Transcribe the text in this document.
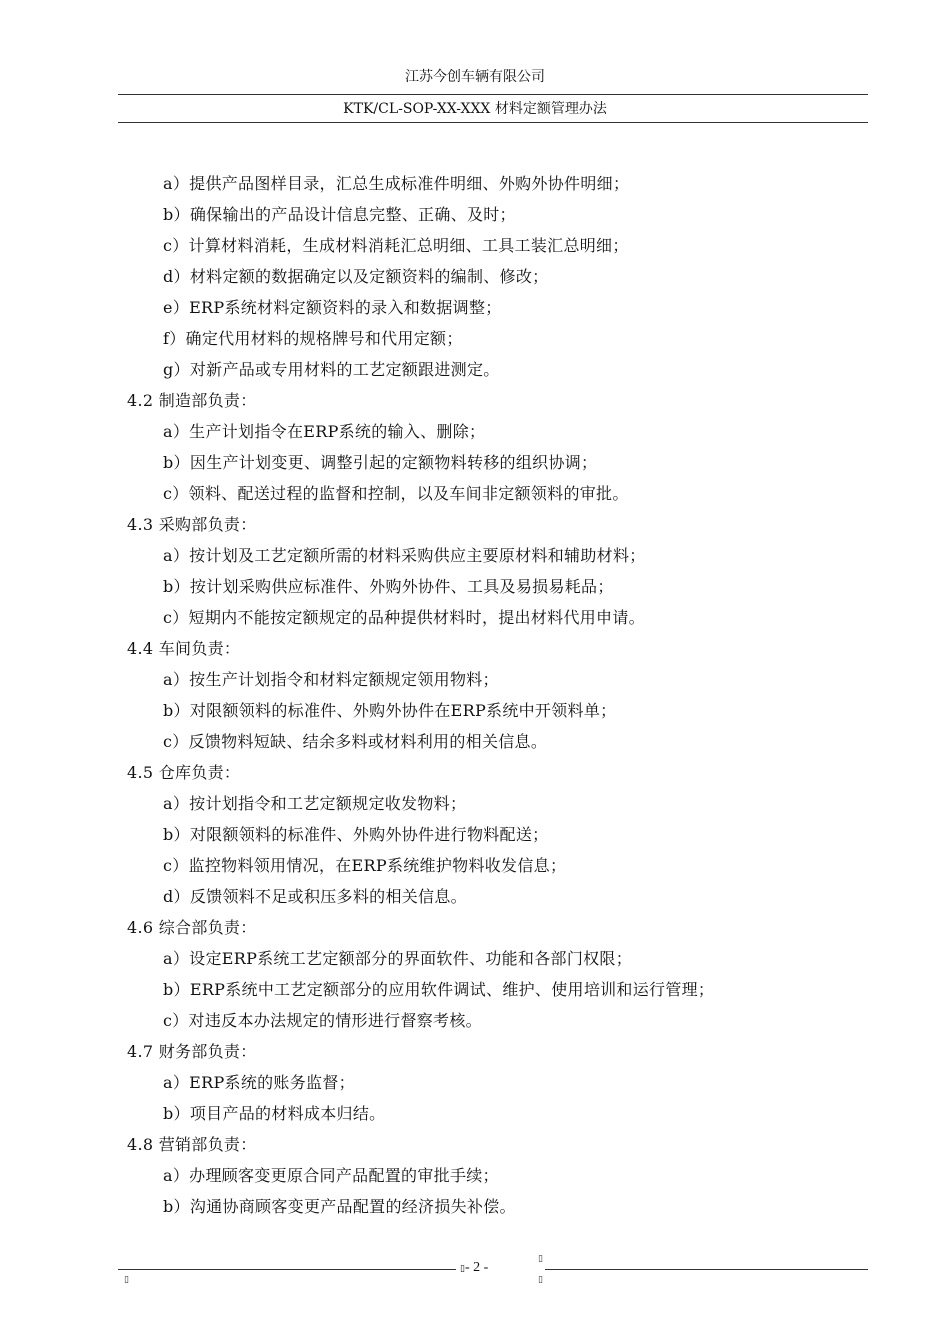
江苏今创车辆有限公司
KTK/CL-SOP-XX-XXX 材料定额管理办法
a）提供产品图样目录，汇总生成标准件明细、外购外协件明细；
b）确保输出的产品设计信息完整、正确、及时；
c）计算材料消耗，生成材料消耗汇总明细、工具工装汇总明细；
d）材料定额的数据确定以及定额资料的编制、修改；
e）ERP系统材料定额资料的录入和数据调整；
f）确定代用材料的规格牌号和代用定额；
g）对新产品或专用材料的工艺定额跟进测定。
4.2 制造部负责：
a）生产计划指令在ERP系统的输入、删除；
b）因生产计划变更、调整引起的定额物料转移的组织协调；
c）领料、配送过程的监督和控制，以及车间非定额领料的审批。
4.3 采购部负责：
a）按计划及工艺定额所需的材料采购供应主要原材料和辅助材料；
b）按计划采购供应标准件、外购外协件、工具及易损易耗品；
c）短期内不能按定额规定的品种提供材料时，提出材料代用申请。
4.4 车间负责：
a）按生产计划指令和材料定额规定领用物料；
b）对限额领料的标准件、外购外协件在ERP系统中开领料单；
c）反馈物料短缺、结余多料或材料利用的相关信息。
4.5 仓库负责：
a）按计划指令和工艺定额规定收发物料；
b）对限额领料的标准件、外购外协件进行物料配送；
c）监控物料领用情况，在ERP系统维护物料收发信息；
d）反馈领料不足或积压多料的相关信息。
4.6 综合部负责：
a）设定ERP系统工艺定额部分的界面软件、功能和各部门权限；
b）ERP系统中工艺定额部分的应用软件调试、维护、使用培训和运行管理；
c）对违反本办法规定的情形进行督察考核。
4.7 财务部负责：
a）ERP系统的账务监督；
b）项目产品的材料成本归结。
4.8 营销部负责：
a）办理顾客变更原合同产品配置的审批手续；
b）沟通协商顾客变更产品配置的经济损失补偿。
▯- 2 -
▯
▯
▯
